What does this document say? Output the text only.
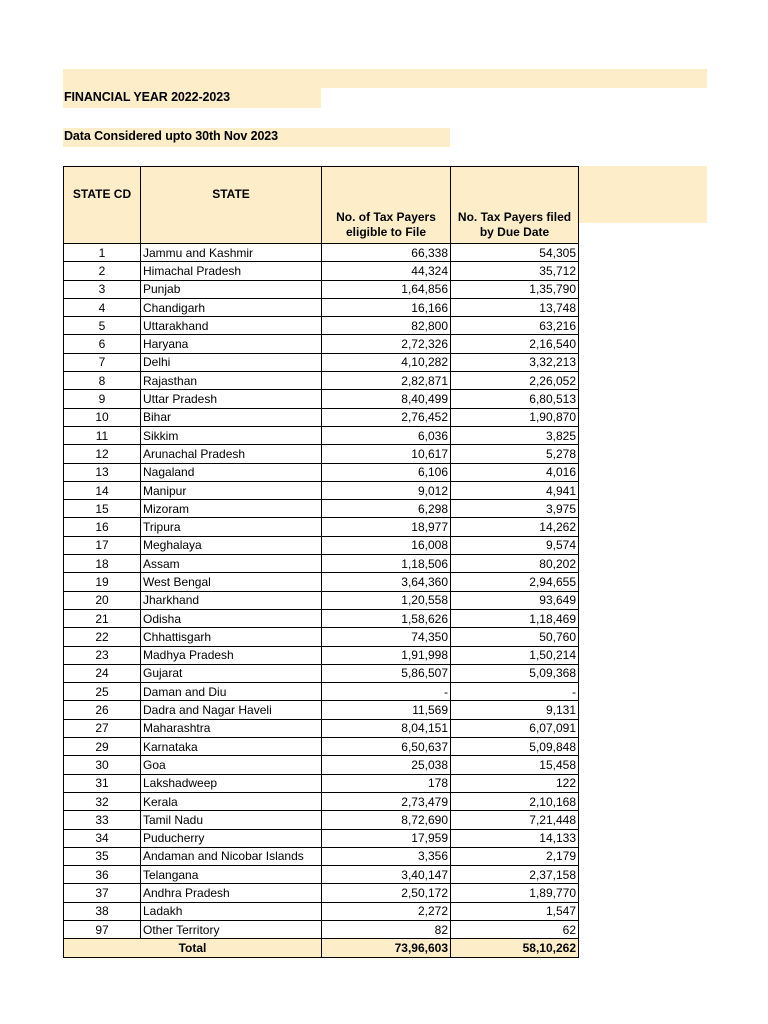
FINANCIAL YEAR 2022-2023
Data Considered upto 30th Nov 2023
STATE CD	STATE	No. of Tax Payers eligible to File	No. Tax Payers filed by Due Date
1	Jammu and Kashmir	66,338	54,305
2	Himachal Pradesh	44,324	35,712
3	Punjab	1,64,856	1,35,790
4	Chandigarh	16,166	13,748
5	Uttarakhand	82,800	63,216
6	Haryana	2,72,326	2,16,540
7	Delhi	4,10,282	3,32,213
8	Rajasthan	2,82,871	2,26,052
9	Uttar Pradesh	8,40,499	6,80,513
10	Bihar	2,76,452	1,90,870
11	Sikkim	6,036	3,825
12	Arunachal Pradesh	10,617	5,278
13	Nagaland	6,106	4,016
14	Manipur	9,012	4,941
15	Mizoram	6,298	3,975
16	Tripura	18,977	14,262
17	Meghalaya	16,008	9,574
18	Assam	1,18,506	80,202
19	West Bengal	3,64,360	2,94,655
20	Jharkhand	1,20,558	93,649
21	Odisha	1,58,626	1,18,469
22	Chhattisgarh	74,350	50,760
23	Madhya Pradesh	1,91,998	1,50,214
24	Gujarat	5,86,507	5,09,368
25	Daman and Diu	-	-
26	Dadra and Nagar Haveli	11,569	9,131
27	Maharashtra	8,04,151	6,07,091
29	Karnataka	6,50,637	5,09,848
30	Goa	25,038	15,458
31	Lakshadweep	178	122
32	Kerala	2,73,479	2,10,168
33	Tamil Nadu	8,72,690	7,21,448
34	Puducherry	17,959	14,133
35	Andaman and Nicobar Islands	3,356	2,179
36	Telangana	3,40,147	2,37,158
37	Andhra Pradesh	2,50,172	1,89,770
38	Ladakh	2,272	1,547
97	Other Territory	82	62
Total		73,96,603	58,10,262
